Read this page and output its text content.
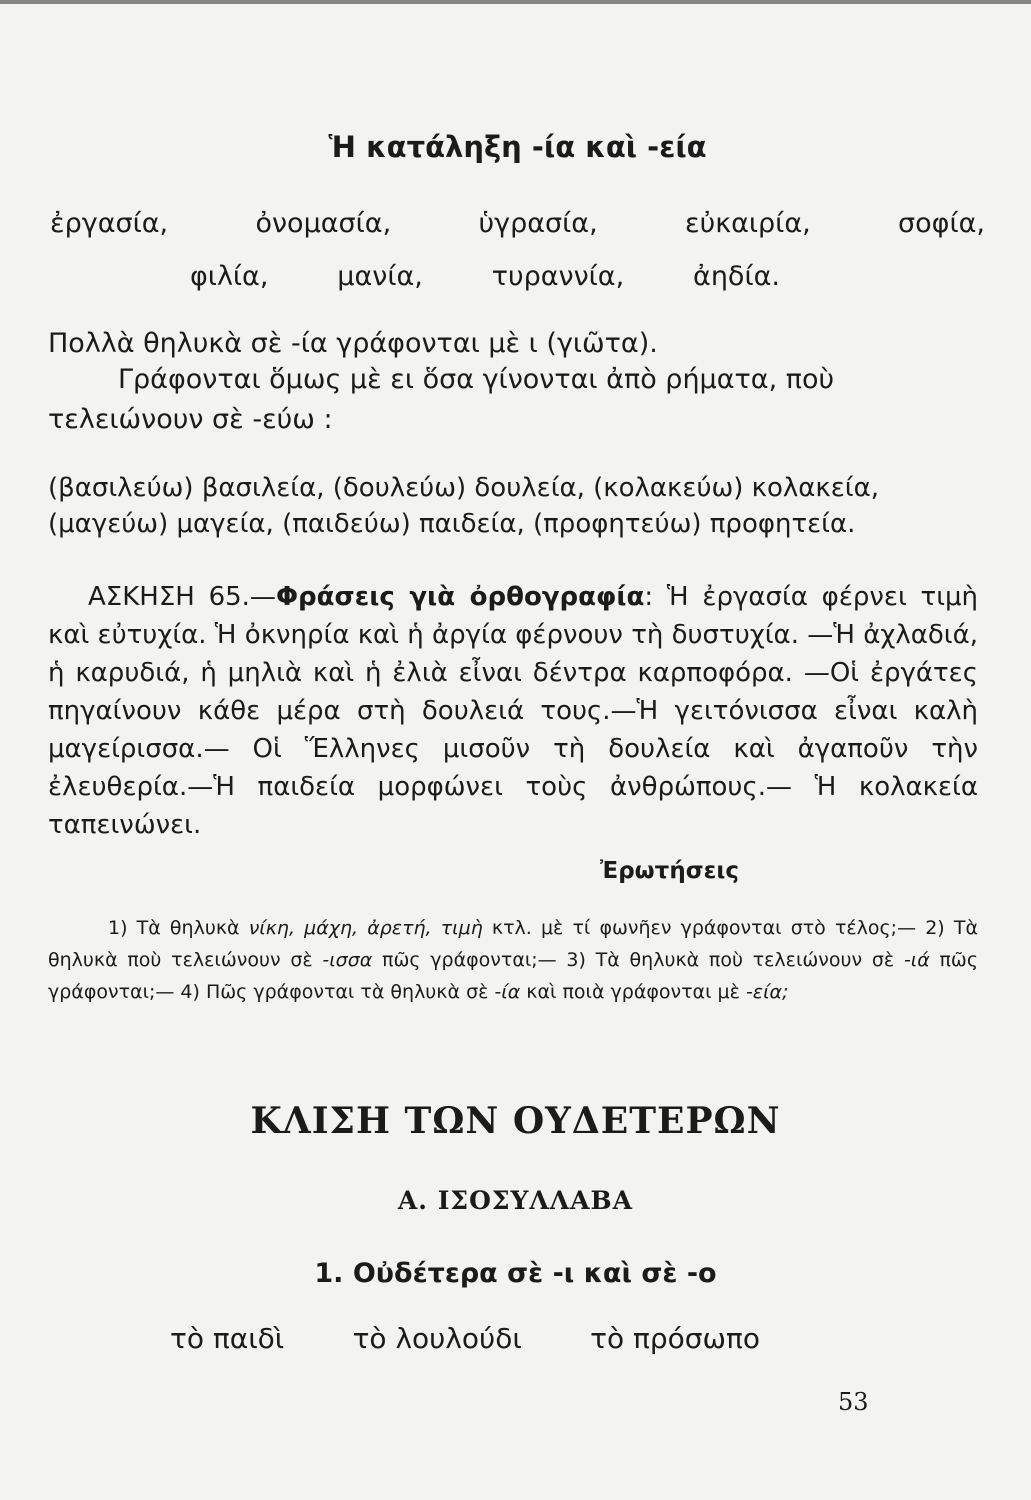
Ἡ κατάληξη -ία καὶ -εία
ἐργασία,	ὀνομασία,	ὑγρασία,	εὐκαιρία,	σοφία,
φιλία,	μανία,	τυραννία,	ἀηδία.
Πολλὰ θηλυκὰ σὲ -ία γράφονται μὲ ι (γιῶτα).
Γράφονται ὅμως μὲ ει ὅσα γίνονται ἀπὸ ρήματα, ποὺ
τελειώνουν σὲ -εύω :
(βασιλεύω) βασιλεία, (δουλεύω) δουλεία, (κολακεύω) κολακεία,
(μαγεύω) μαγεία, (παιδεύω) παιδεία, (προφητεύω) προφητεία.
ΑΣΚΗΣΗ 65.—Φράσεις γιὰ ὀρθογραφία: Ἡ ἐργασία φέρνει τιμὴ καὶ εὐτυχία. Ἡ ὀκνηρία καὶ ἡ ἀργία φέρνουν τὴ δυστυχία. —Ἡ ἀχλαδιά, ἡ καρυδιά, ἡ μηλιὰ καὶ ἡ ἐλιὰ εἶναι δέντρα καρποφόρα. —Οἱ ἐργάτες πηγαίνουν κάθε μέρα στὴ δουλειά τους.—Ἡ γειτόνισσα εἶναι καλὴ μαγείρισσα.— Οἱ Ἕλληνες μισοῦν τὴ δουλεία καὶ ἀγαποῦν τὴν ἐλευθερία.—Ἡ παιδεία μορφώνει τοὺς ἀνθρώπους.— Ἡ κολακεία ταπεινώνει.
Ἐρωτήσεις
1) Τὰ θηλυκὰ νίκη, μάχη, ἀρετή, τιμὴ κτλ. μὲ τί φωνῆεν γράφονται στὸ τέλος;— 2) Τὰ θηλυκὰ ποὺ τελειώνουν σὲ -ισσα πῶς γράφονται;— 3) Τὰ θηλυκὰ ποὺ τελειώνουν σὲ -ιά πῶς γράφονται;— 4) Πῶς γράφονται τὰ θηλυκὰ σὲ -ία καὶ ποιὰ γράφονται μὲ -εία;
ΚΛΙΣΗ ΤΩΝ ΟΥΔΕΤΕΡΩΝ
Α. ΙΣΟΣΥΛΛΑΒΑ
1. Οὐδέτερα σὲ -ι καὶ σὲ -ο
τὸ παιδὶ τὸ λουλούδι τὸ πρόσωπο
53
